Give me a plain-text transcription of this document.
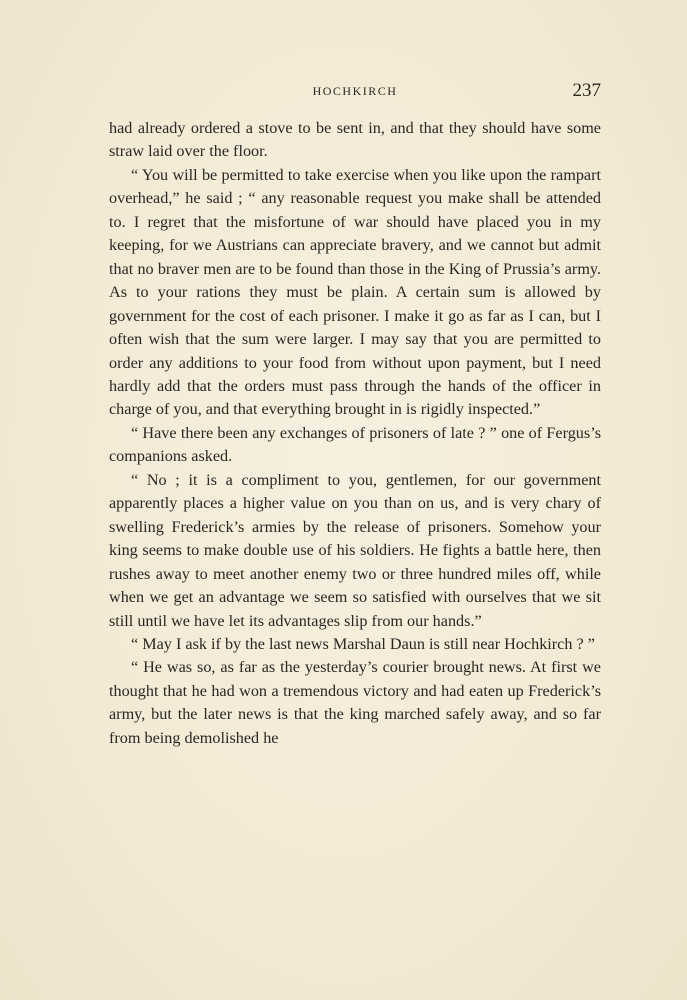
HOCHKIRCH	237

had already ordered a stove to be sent in, and that they should have some straw laid over the floor.

“ You will be permitted to take exercise when you like upon the rampart overhead,” he said ; “ any reasonable request you make shall be attended to. I regret that the misfortune of war should have placed you in my keeping, for we Austrians can appreciate bravery, and we cannot but admit that no braver men are to be found than those in the King of Prussia’s army. As to your rations they must be plain. A certain sum is allowed by government for the cost of each prisoner. I make it go as far as I can, but I often wish that the sum were larger. I may say that you are permitted to order any additions to your food from without upon payment, but I need hardly add that the orders must pass through the hands of the officer in charge of you, and that everything brought in is rigidly inspected.”

“ Have there been any exchanges of prisoners of late ? ” one of Fergus’s companions asked.

“ No ; it is a compliment to you, gentlemen, for our government apparently places a higher value on you than on us, and is very chary of swelling Frederick’s armies by the release of prisoners. Somehow your king seems to make double use of his soldiers. He fights a battle here, then rushes away to meet another enemy two or three hundred miles off, while when we get an advantage we seem so satisfied with ourselves that we sit still until we have let its advantages slip from our hands.”

“ May I ask if by the last news Marshal Daun is still near Hochkirch ? ”

“ He was so, as far as the yesterday’s courier brought news. At first we thought that he had won a tremendous victory and had eaten up Frederick’s army, but the later news is that the king marched safely away, and so far from being demolished he
